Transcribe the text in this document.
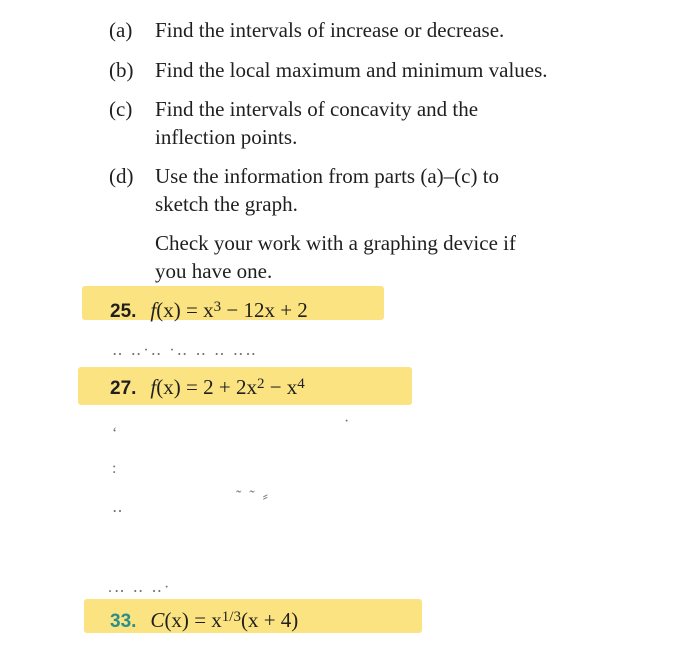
(a) Find the intervals of increase or decrease.
(b) Find the local maximum and minimum values.
(c) Find the intervals of concavity and the
inflection points.
(d) Use the information from parts (a)–(c) to
sketch the graph.
Check your work with a graphing device if
you have one.
25. $f(x) = x^3 - 12x + 2$
‥ ‥·‥ ·‥ ‥ ‥ ‥‥
27. $f(x) = 2 + 2x^2 - x^4$
‘
·
:
‥
˜ ˜ ⸗
.‥ ‥ ‥·
33. $C(x) = x^{1/3}(x + 4)$
